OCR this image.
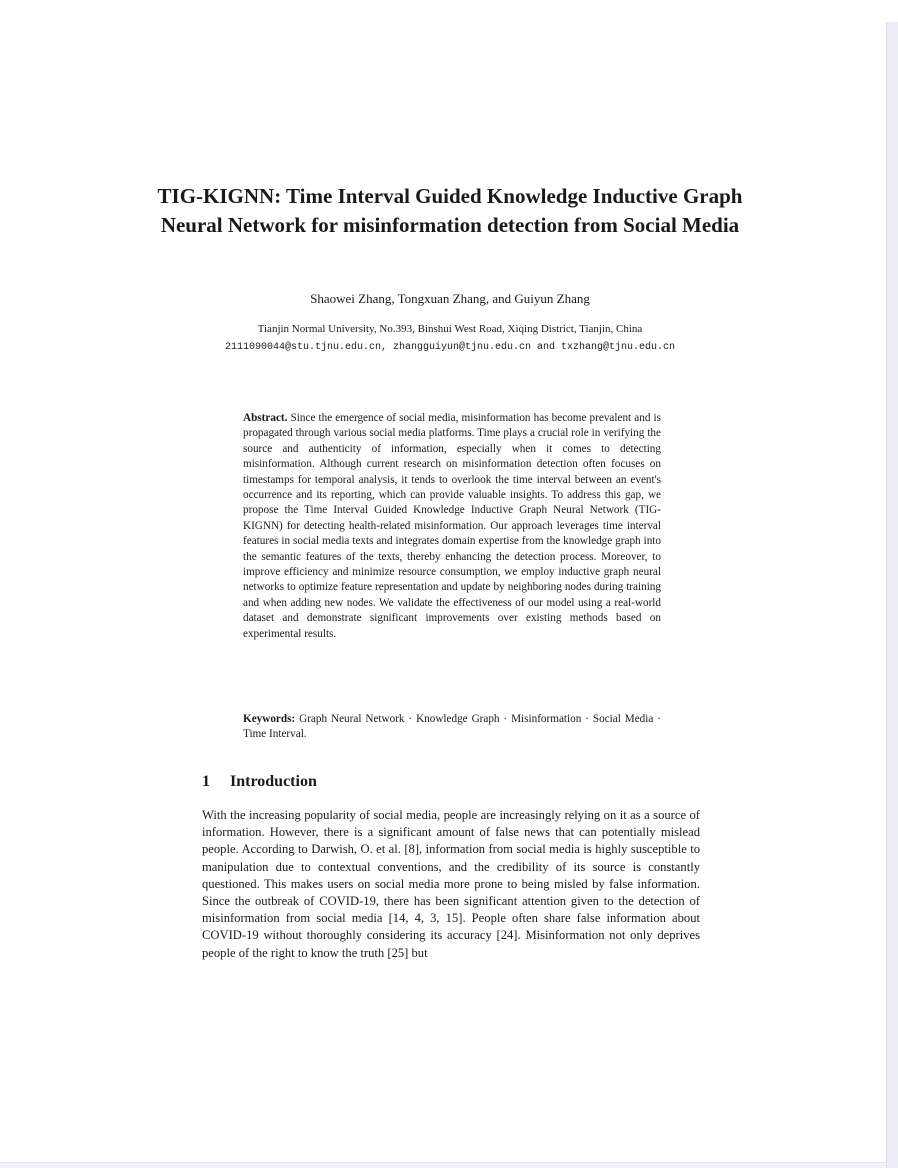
TIG-KIGNN: Time Interval Guided Knowledge Inductive Graph Neural Network for misinformation detection from Social Media
Shaowei Zhang, Tongxuan Zhang, and Guiyun Zhang
Tianjin Normal University, No.393, Binshui West Road, Xiqing District, Tianjin, China 2111090044@stu.tjnu.edu.cn, zhangguiyun@tjnu.edu.cn and txzhang@tjnu.edu.cn
Abstract. Since the emergence of social media, misinformation has become prevalent and is propagated through various social media platforms. Time plays a crucial role in verifying the source and authenticity of information, especially when it comes to detecting misinformation. Although current research on misinformation detection often focuses on timestamps for temporal analysis, it tends to overlook the time interval between an event's occurrence and its reporting, which can provide valuable insights. To address this gap, we propose the Time Interval Guided Knowledge Inductive Graph Neural Network (TIG-KIGNN) for detecting health-related misinformation. Our approach leverages time interval features in social media texts and integrates domain expertise from the knowledge graph into the semantic features of the texts, thereby enhancing the detection process. Moreover, to improve efficiency and minimize resource consumption, we employ inductive graph neural networks to optimize feature representation and update by neighboring nodes during training and when adding new nodes. We validate the effectiveness of our model using a real-world dataset and demonstrate significant improvements over existing methods based on experimental results.
Keywords: Graph Neural Network · Knowledge Graph · Misinformation · Social Media · Time Interval.
1 Introduction
With the increasing popularity of social media, people are increasingly relying on it as a source of information. However, there is a significant amount of false news that can potentially mislead people. According to Darwish, O. et al. [8], information from social media is highly susceptible to manipulation due to contextual conventions, and the credibility of its source is constantly questioned. This makes users on social media more prone to being misled by false information. Since the outbreak of COVID-19, there has been significant attention given to the detection of misinformation from social media [14, 4, 3, 15]. People often share false information about COVID-19 without thoroughly considering its accuracy [24]. Misinformation not only deprives people of the right to know the truth [25] but
